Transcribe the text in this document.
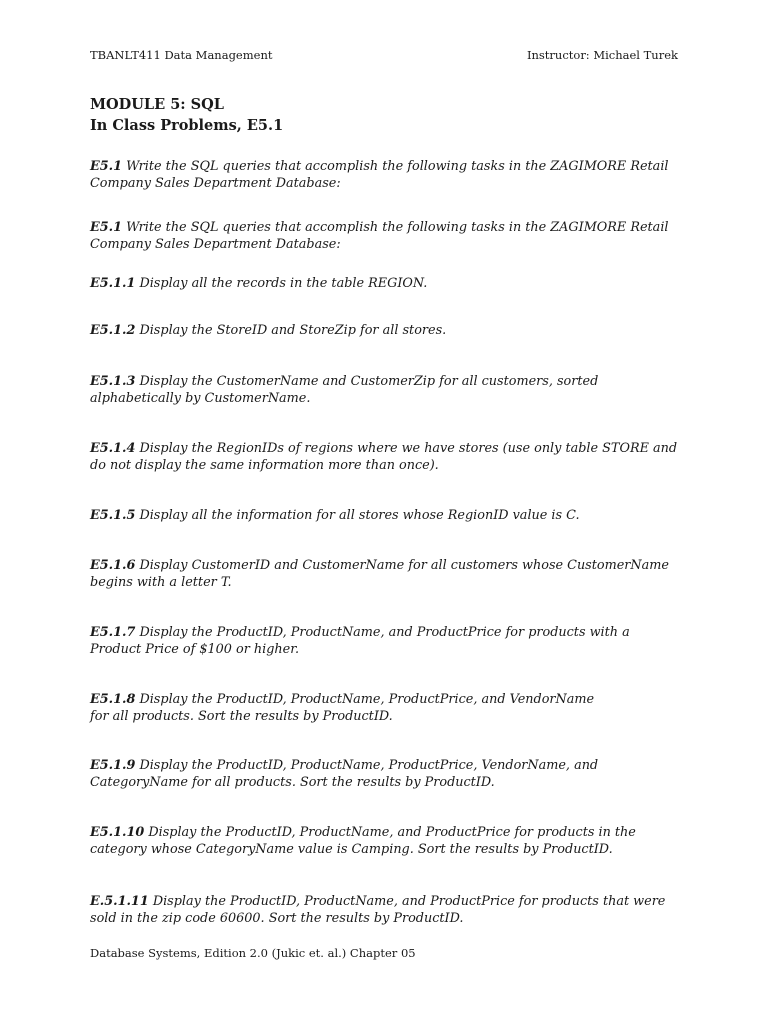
TBANLT411 Data Management	Instructor: Michael Turek
MODULE 5: SQL
In Class Problems, E5.1

E5.1 Write the SQL queries that accomplish the following tasks in the ZAGIMORE Retail Company Sales Department Database:

E5.1 Write the SQL queries that accomplish the following tasks in the ZAGIMORE Retail Company Sales Department Database:

E5.1.1 Display all the records in the table REGION.

E5.1.2 Display the StoreID and StoreZip for all stores.

E5.1.3 Display the CustomerName and CustomerZip for all customers, sorted alphabetically by CustomerName.

E5.1.4 Display the RegionIDs of regions where we have stores (use only table STORE and do not display the same information more than once).

E5.1.5 Display all the information for all stores whose RegionID value is C.

E5.1.6 Display CustomerID and CustomerName for all customers whose CustomerName begins with a letter T.

E5.1.7 Display the ProductID, ProductName, and ProductPrice for products with a Product Price of $100 or higher.

E5.1.8 Display the ProductID, ProductName, ProductPrice, and VendorName for all products. Sort the results by ProductID.

E5.1.9 Display the ProductID, ProductName, ProductPrice, VendorName, and CategoryName for all products. Sort the results by ProductID.

E5.1.10 Display the ProductID, ProductName, and ProductPrice for products in the category whose CategoryName value is Camping. Sort the results by ProductID.

E.5.1.11 Display the ProductID, ProductName, and ProductPrice for products that were sold in the zip code 60600. Sort the results by ProductID.

Database Systems, Edition 2.0 (Jukic et. al.) Chapter 05
